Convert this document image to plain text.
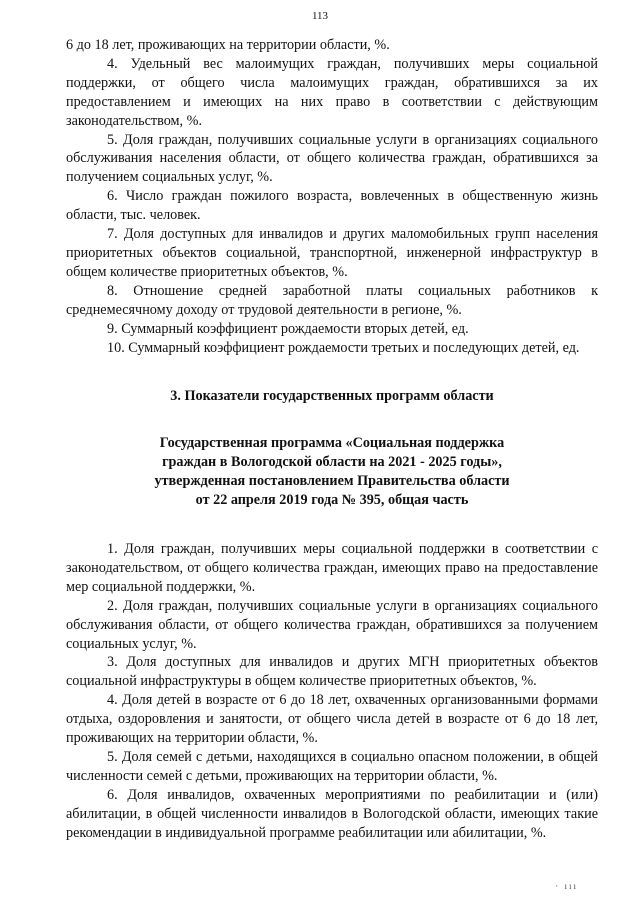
113

6 до 18 лет, проживающих на территории области, %.

4. Удельный вес малоимущих граждан, получивших меры социальной поддержки, от общего числа малоимущих граждан, обратившихся за их предоставлением и имеющих на них право в соответствии с действующим законодательством, %.

5. Доля граждан, получивших социальные услуги в организациях социального обслуживания населения области, от общего количества граждан, обратившихся за получением социальных услуг, %.

6. Число граждан пожилого возраста, вовлеченных в общественную жизнь области, тыс. человек.

7. Доля доступных для инвалидов и других маломобильных групп населения приоритетных объектов социальной, транспортной, инженерной инфраструктур в общем количестве приоритетных объектов, %.

8. Отношение средней заработной платы социальных работников к среднемесячному доходу от трудовой деятельности в регионе, %.

9. Суммарный коэффициент рождаемости вторых детей, ед.

10. Суммарный коэффициент рождаемости третьих и последующих детей, ед.

3. Показатели государственных программ области

Государственная программа «Социальная поддержка
граждан в Вологодской области на 2021 - 2025 годы»,
утвержденная постановлением Правительства области
от 22 апреля 2019 года № 395, общая часть

1. Доля граждан, получивших меры социальной поддержки в соответствии с законодательством, от общего количества граждан, имеющих право на предоставление мер социальной поддержки, %.

2. Доля граждан, получивших социальные услуги в организациях социального обслуживания области, от общего количества граждан, обратившихся за получением социальных услуг, %.

3. Доля доступных для инвалидов и других МГН приоритетных объектов социальной инфраструктуры в общем количестве приоритетных объектов, %.

4. Доля детей в возрасте от 6 до 18 лет, охваченных организованными формами отдыха, оздоровления и занятости, от общего числа детей в возрасте от 6 до 18 лет, проживающих на территории области, %.

5. Доля семей с детьми, находящихся в социально опасном положении, в общей численности семей с детьми, проживающих на территории области, %.

6. Доля инвалидов, охваченных мероприятиями по реабилитации и (или) абилитации, в общей численности инвалидов в Вологодской области, имеющих такие рекомендации в индивидуальной программе реабилитации или абилитации, %.

· ııı
